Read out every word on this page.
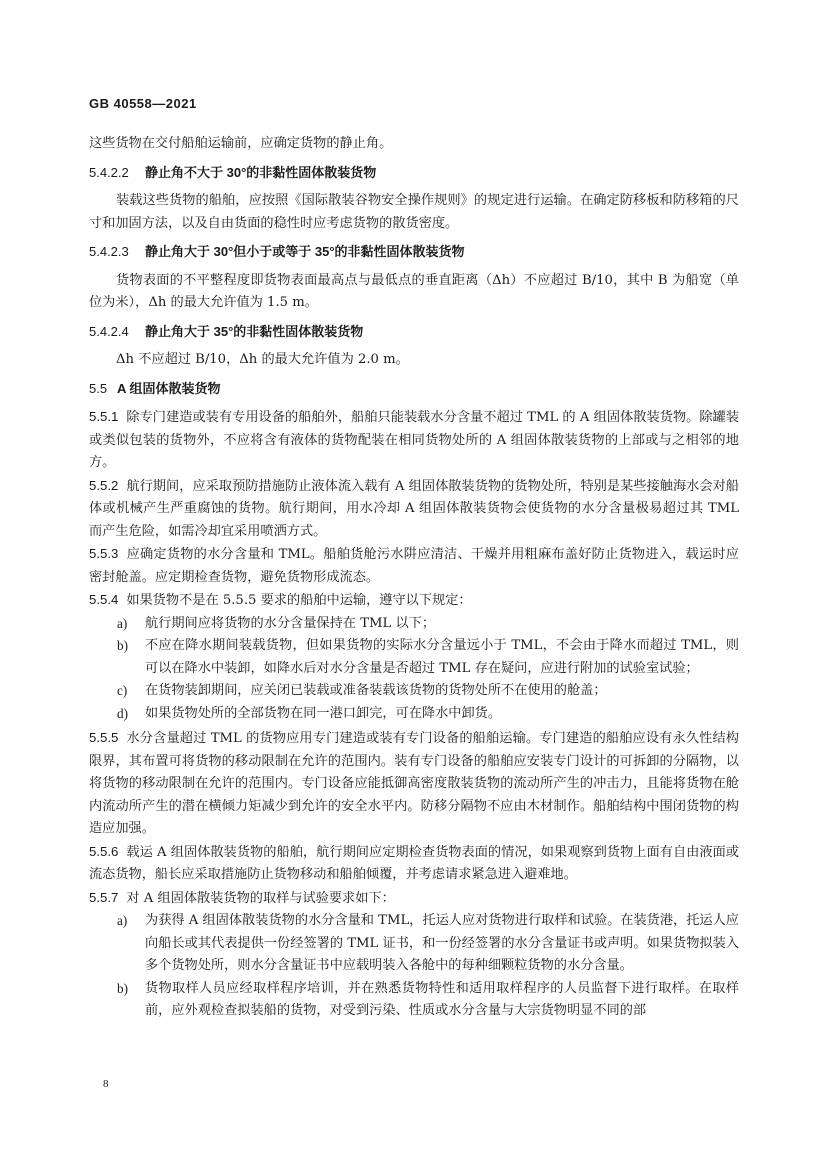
GB 40558—2021

这些货物在交付船舶运输前，应确定货物的静止角。

5.4.2.2 静止角不大于 30°的非黏性固体散装货物

装载这些货物的船舶，应按照《国际散装谷物安全操作规则》的规定进行运输。在确定防移板和防移箱的尺寸和加固方法，以及自由货面的稳性时应考虑货物的散货密度。

5.4.2.3 静止角大于 30°但小于或等于 35°的非黏性固体散装货物

货物表面的不平整程度即货物表面最高点与最低点的垂直距离（Δh）不应超过 B/10，其中 B 为船宽（单位为米），Δh 的最大允许值为 1.5 m。

5.4.2.4 静止角大于 35°的非黏性固体散装货物

Δh 不应超过 B/10，Δh 的最大允许值为 2.0 m。

5.5 A 组固体散装货物

5.5.1 除专门建造或装有专用设备的船舶外，船舶只能装载水分含量不超过 TML 的 A 组固体散装货物。除罐装或类似包装的货物外，不应将含有液体的货物配装在相同货物处所的 A 组固体散装货物的上部或与之相邻的地方。

5.5.2 航行期间，应采取预防措施防止液体流入载有 A 组固体散装货物的货物处所，特别是某些接触海水会对船体或机械产生严重腐蚀的货物。航行期间，用水冷却 A 组固体散装货物会使货物的水分含量极易超过其 TML 而产生危险，如需冷却宜采用喷洒方式。

5.5.3 应确定货物的水分含量和 TML。船舶货舱污水阱应清洁、干燥并用粗麻布盖好防止货物进入，载运时应密封舱盖。应定期检查货物，避免货物形成流态。

5.5.4 如果货物不是在 5.5.5 要求的船舶中运输，遵守以下规定：

a) 航行期间应将货物的水分含量保持在 TML 以下；
b) 不应在降水期间装载货物，但如果货物的实际水分含量远小于 TML，不会由于降水而超过 TML，则可以在降水中装卸，如降水后对水分含量是否超过 TML 存在疑问，应进行附加的试验室试验；
c) 在货物装卸期间，应关闭已装载或准备装载该货物的货物处所不在使用的舱盖；
d) 如果货物处所的全部货物在同一港口卸完，可在降水中卸货。

5.5.5 水分含量超过 TML 的货物应用专门建造或装有专门设备的船舶运输。专门建造的船舶应设有永久性结构限界，其布置可将货物的移动限制在允许的范围内。装有专门设备的船舶应安装专门设计的可拆卸的分隔物，以将货物的移动限制在允许的范围内。专门设备应能抵御高密度散装货物的流动所产生的冲击力，且能将货物在舱内流动所产生的潜在横倾力矩减少到允许的安全水平内。防移分隔物不应由木材制作。船舶结构中围闭货物的构造应加强。

5.5.6 载运 A 组固体散装货物的船舶，航行期间应定期检查货物表面的情况，如果观察到货物上面有自由液面或流态货物，船长应采取措施防止货物移动和船舶倾覆，并考虑请求紧急进入避难地。

5.5.7 对 A 组固体散装货物的取样与试验要求如下：

a) 为获得 A 组固体散装货物的水分含量和 TML，托运人应对货物进行取样和试验。在装货港，托运人应向船长或其代表提供一份经签署的 TML 证书，和一份经签署的水分含量证书或声明。如果货物拟装入多个货物处所，则水分含量证书中应载明装入各舱中的每种细颗粒货物的水分含量。
b) 货物取样人员应经取样程序培训，并在熟悉货物特性和适用取样程序的人员监督下进行取样。在取样前，应外观检查拟装船的货物，对受到污染、性质或水分含量与大宗货物明显不同的部
8
